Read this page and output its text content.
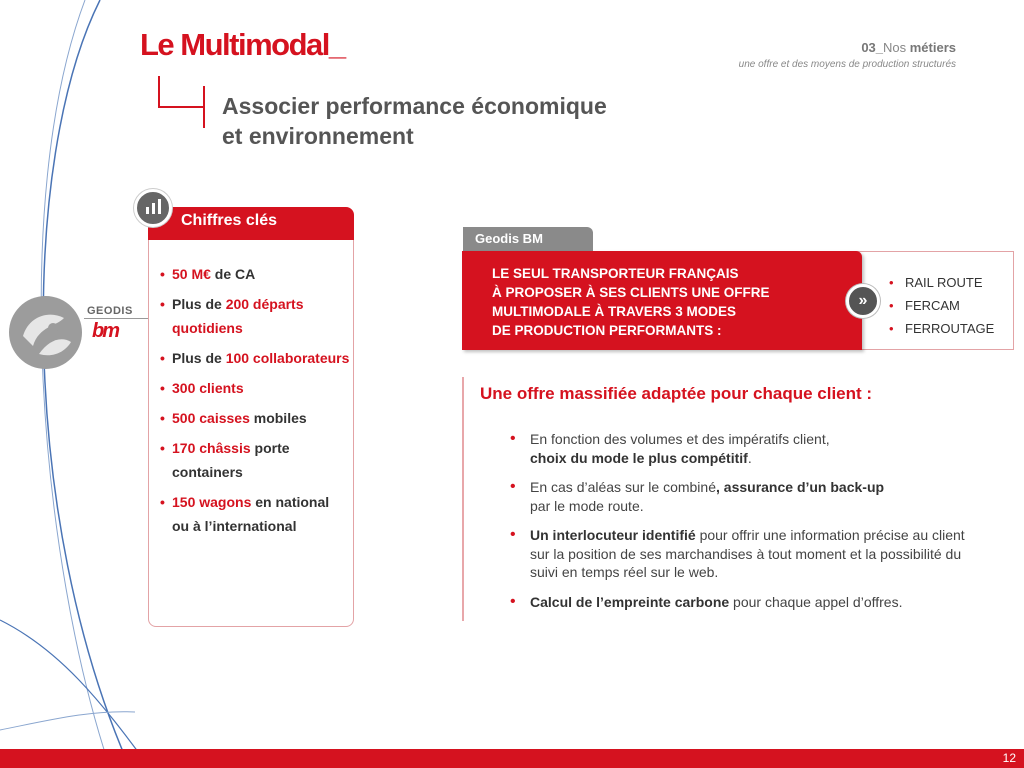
Le Multimodal_	03_Nos métiers
une offre et des moyens de production structurés
Associer performance économique
et environnement
GEODIS
bm
Chiffres clés
• 50 M€ de CA
• Plus de 200 départs quotidiens
• Plus de 100 collaborateurs
• 300 clients
• 500 caisses mobiles
• 170 châssis porte containers
• 150 wagons en national ou à l’international
Geodis BM
LE SEUL TRANSPORTEUR FRANÇAIS
À PROPOSER À SES CLIENTS UNE OFFRE
MULTIMODALE À TRAVERS 3 MODES
DE PRODUCTION PERFORMANTS :
»
• RAIL ROUTE
• FERCAM
• FERROUTAGE
Une offre massifiée adaptée pour chaque client :
• En fonction des volumes et des impératifs client,
choix du mode le plus compétitif.
• En cas d’aléas sur le combiné, assurance d’un back-up
par le mode route.
• Un interlocuteur identifié pour offrir une information précise au client sur la position de ses marchandises à tout moment et la possibilité du suivi en temps réel sur le web.
• Calcul de l’empreinte carbone pour chaque appel d’offres.
12
